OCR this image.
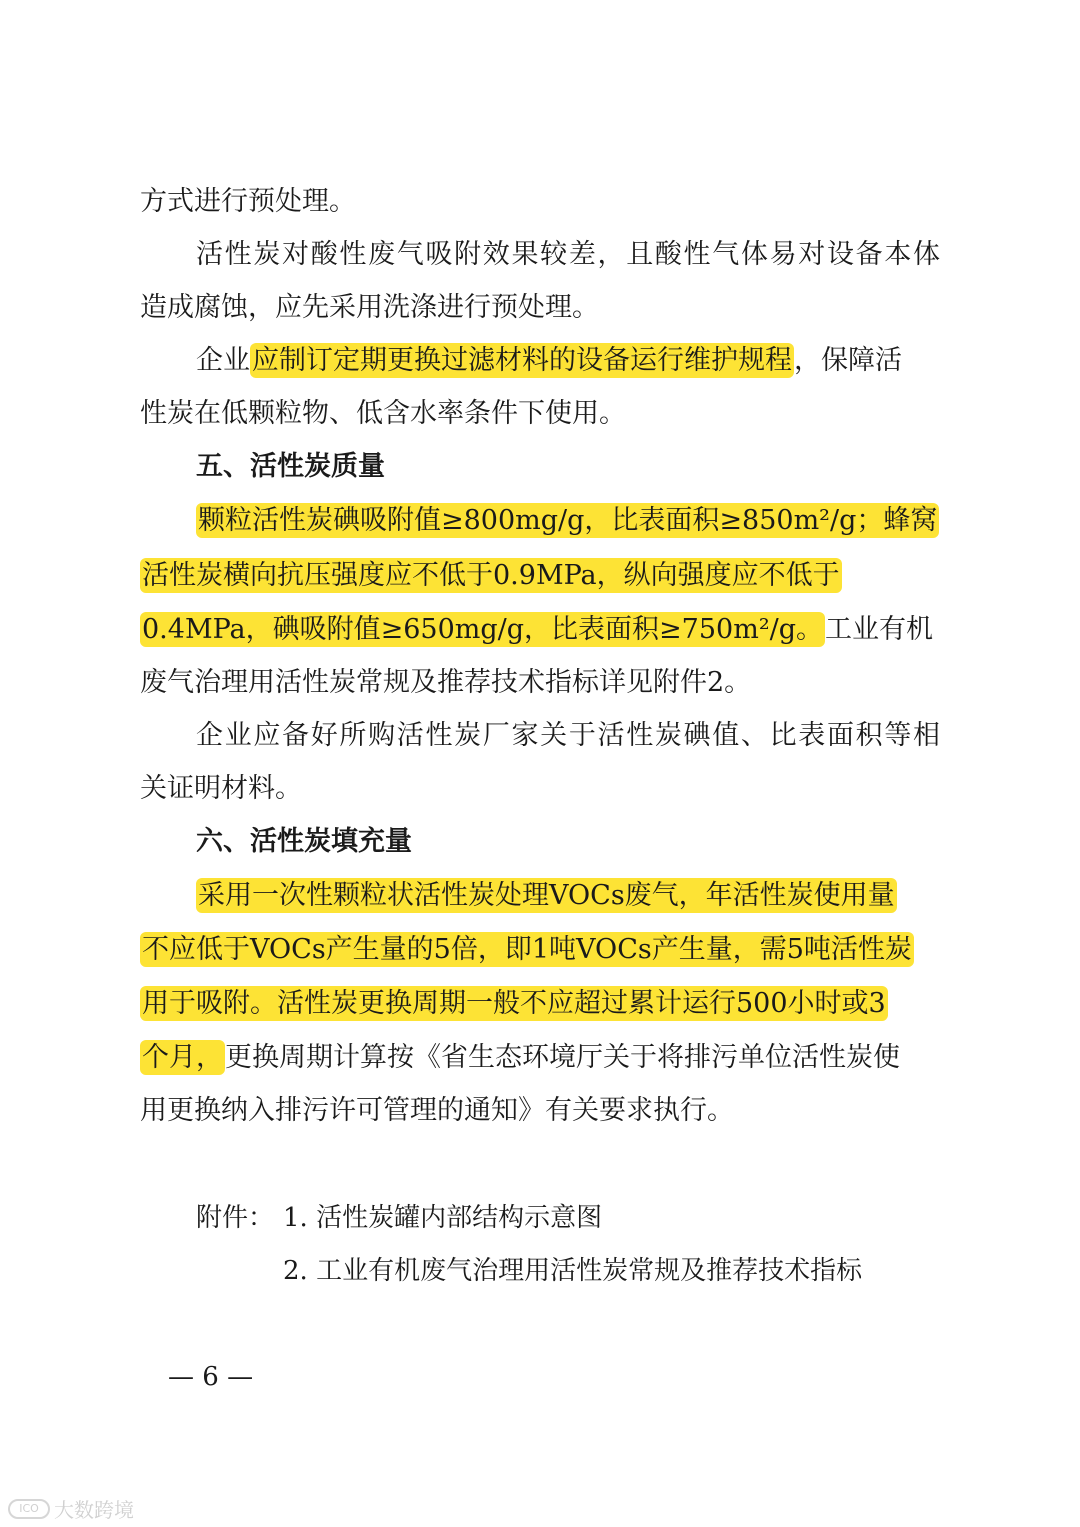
方式进行预处理。
活性炭对酸性废气吸附效果较差，且酸性气体易对设备本体
造成腐蚀，应先采用洗涤进行预处理。
企业应制订定期更换过滤材料的设备运行维护规程，保障活
性炭在低颗粒物、低含水率条件下使用。
五、活性炭质量
颗粒活性炭碘吸附值≥800mg/g，比表面积≥850m²/g；蜂窝
活性炭横向抗压强度应不低于0.9MPa，纵向强度应不低于
0.4MPa，碘吸附值≥650mg/g，比表面积≥750m²/g。工业有机
废气治理用活性炭常规及推荐技术指标详见附件2。
企业应备好所购活性炭厂家关于活性炭碘值、比表面积等相
关证明材料。
六、活性炭填充量
采用一次性颗粒状活性炭处理VOCs废气，年活性炭使用量
不应低于VOCs产生量的5倍，即1吨VOCs产生量，需5吨活性炭
用于吸附。活性炭更换周期一般不应超过累计运行500小时或3
个月，更换周期计算按《省生态环境厅关于将排污单位活性炭使
用更换纳入排污许可管理的通知》有关要求执行。
附件： 1. 活性炭罐内部结构示意图
2. 工业有机废气治理用活性炭常规及推荐技术指标
— 6 —
ICO 大数跨境
